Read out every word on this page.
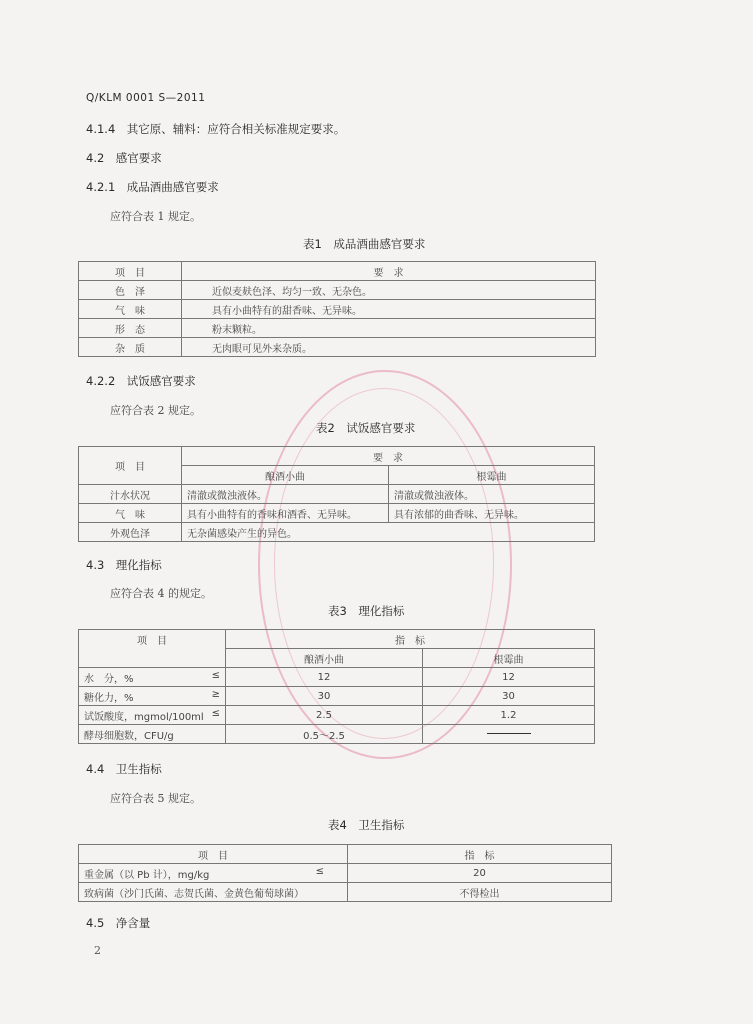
Q/KLM 0001 S—2011
4.1.4　 其它原、辅料：应符合相关标准规定要求。
4.2　 感官要求
4.2.1　 成品酒曲感官要求
应符合表 1 规定。
表1　成品酒曲感官要求
项　目	要　求
色　泽	近似麦麸色泽、均匀一致、无杂色。
气　味	具有小曲特有的甜香味、无异味。
形　态	粉末颗粒。
杂　质	无肉眼可见外来杂质。
4.2.2　 试饭感官要求
应符合表 2 规定。
表2　试饭感官要求
项　目	要　求	
	酿酒小曲	根霉曲
汁水状况	清澈或微浊液体。	清澈或微浊液体。
气　味	具有小曲特有的香味和酒香、无异味。	具有浓郁的曲香味、无异味。
外观色泽	无杂菌感染产生的异色。	
4.3　 理化指标
应符合表 4 的规定。
表3　理化指标
项　目	指　标	
	酿酒小曲	根霉曲
水　分，% ≤	12	12
糖化力，% ≥	30	30
试饭酸度，mgmol/100ml ≤	2.5	1.2
酵母细胞数，CFU/g	0.5～2.5	
4.4　 卫生指标
应符合表 5 规定。
表4　卫生指标
项　目	指　标
重金属（以 Pb 计），mg/kg ≤	20
致病菌（沙门氏菌、志贺氏菌、金黄色葡萄球菌）	不得检出
4.5　 净含量
2
